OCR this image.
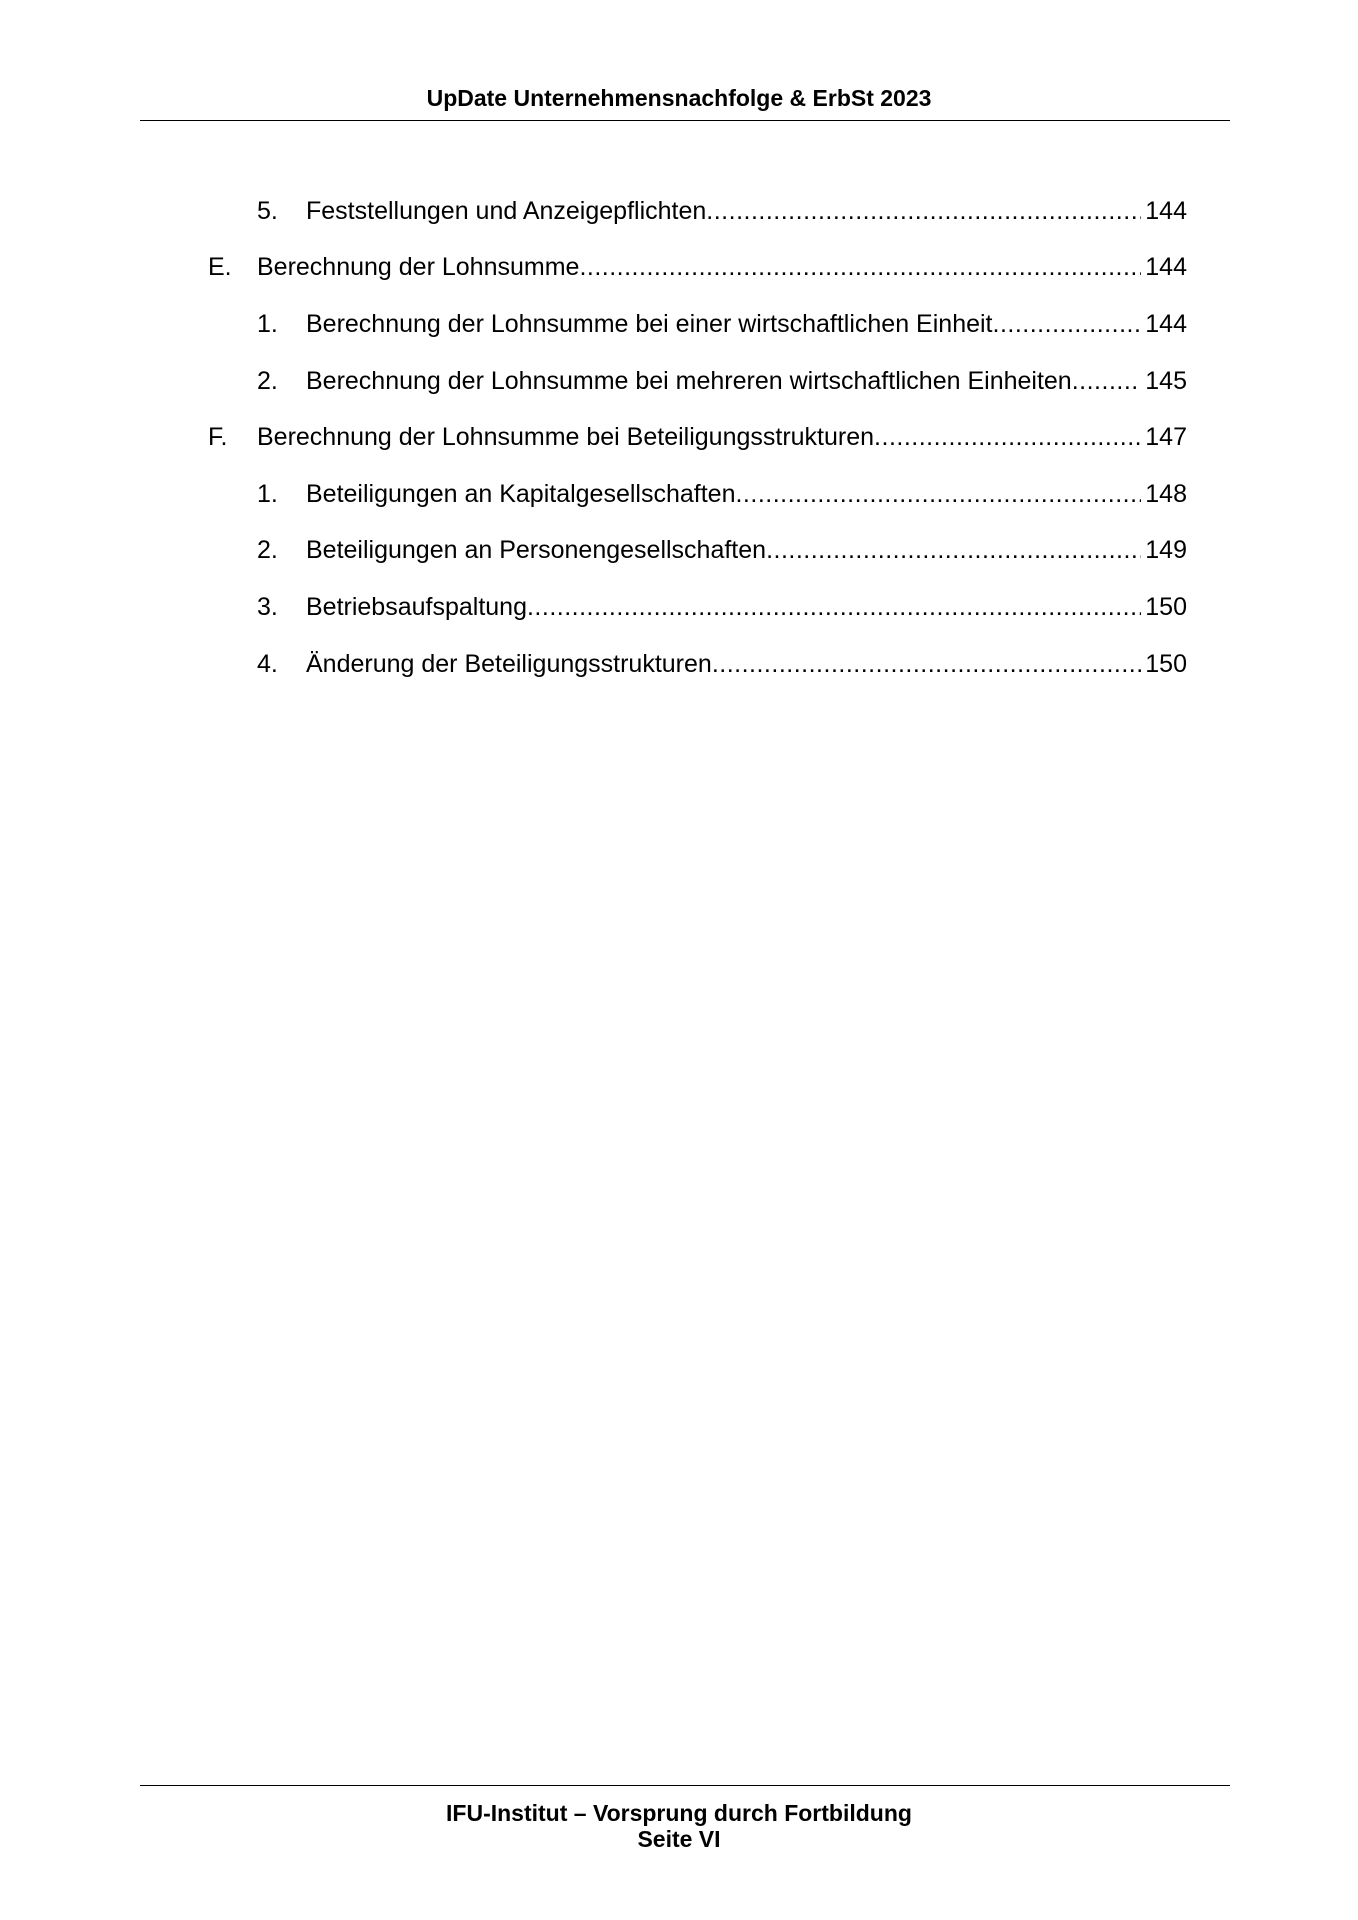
UpDate Unternehmensnachfolge & ErbSt 2023
5.	Feststellungen und Anzeigepflichten .....	144
E.	Berechnung der Lohnsumme .....	144
1.	Berechnung der Lohnsumme bei einer wirtschaftlichen Einheit .....	144
2.	Berechnung der Lohnsumme bei mehreren wirtschaftlichen Einheiten .....	145
F.	Berechnung der Lohnsumme bei Beteiligungsstrukturen .....	147
1.	Beteiligungen an Kapitalgesellschaften .....	148
2.	Beteiligungen an Personengesellschaften .....	149
3.	Betriebsaufspaltung .....	150
4.	Änderung der Beteiligungsstrukturen .....	150
IFU-Institut – Vorsprung durch Fortbildung
Seite VI
